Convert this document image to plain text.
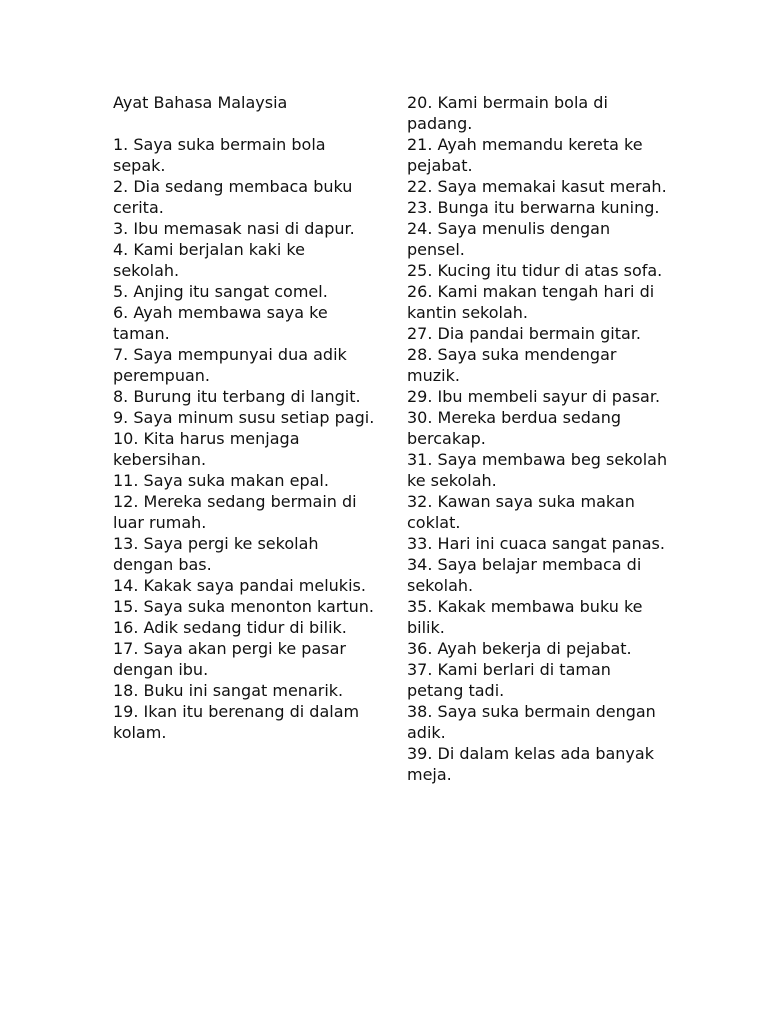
Ayat Bahasa Malaysia
1. Saya suka bermain bola sepak.
2. Dia sedang membaca buku cerita.
3. Ibu memasak nasi di dapur.
4. Kami berjalan kaki ke sekolah.
5. Anjing itu sangat comel.
6. Ayah membawa saya ke taman.
7. Saya mempunyai dua adik perempuan.
8. Burung itu terbang di langit.
9. Saya minum susu setiap pagi.
10. Kita harus menjaga kebersihan.
11. Saya suka makan epal.
12. Mereka sedang bermain di luar rumah.
13. Saya pergi ke sekolah dengan bas.
14. Kakak saya pandai melukis.
15. Saya suka menonton kartun.
16. Adik sedang tidur di bilik.
17. Saya akan pergi ke pasar dengan ibu.
18. Buku ini sangat menarik.
19. Ikan itu berenang di dalam kolam.
20. Kami bermain bola di padang.
21. Ayah memandu kereta ke pejabat.
22. Saya memakai kasut merah.
23. Bunga itu berwarna kuning.
24. Saya menulis dengan pensel.
25. Kucing itu tidur di atas sofa.
26. Kami makan tengah hari di kantin sekolah.
27. Dia pandai bermain gitar.
28. Saya suka mendengar muzik.
29. Ibu membeli sayur di pasar.
30. Mereka berdua sedang bercakap.
31. Saya membawa beg sekolah ke sekolah.
32. Kawan saya suka makan coklat.
33. Hari ini cuaca sangat panas.
34. Saya belajar membaca di sekolah.
35. Kakak membawa buku ke bilik.
36. Ayah bekerja di pejabat.
37. Kami berlari di taman petang tadi.
38. Saya suka bermain dengan adik.
39. Di dalam kelas ada banyak meja.
